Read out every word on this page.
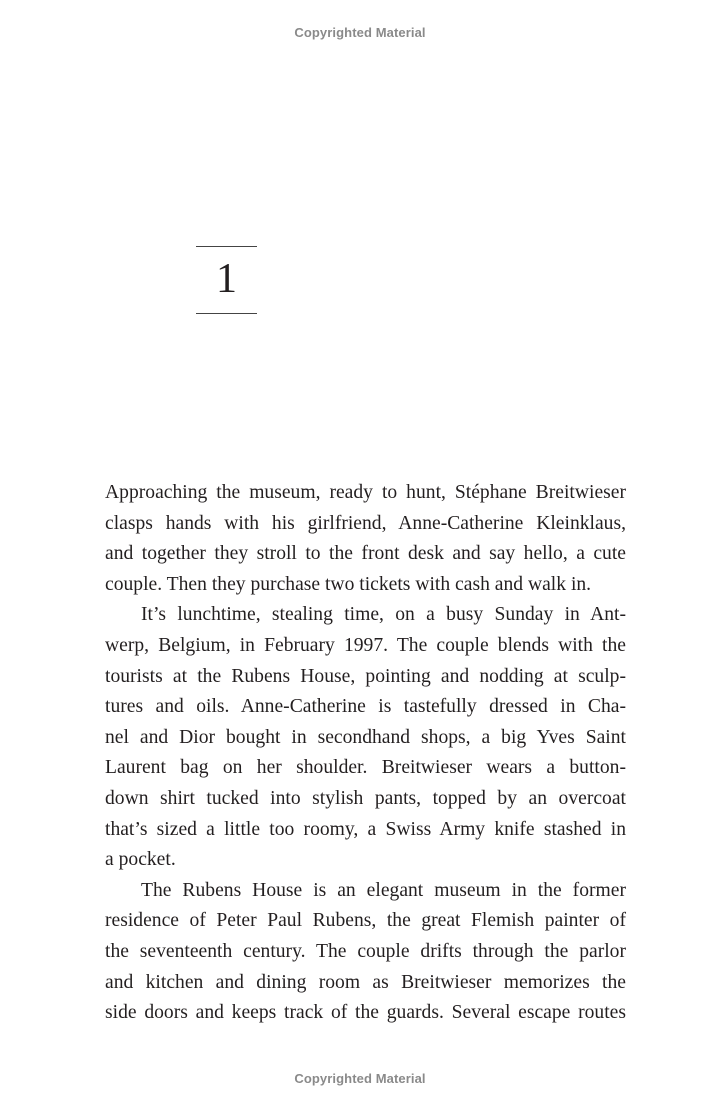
Copyrighted Material
1
Approaching the museum, ready to hunt, Stéphane Breitwieser
clasps hands with his girlfriend, Anne-Catherine Kleinklaus,
and together they stroll to the front desk and say hello, a cute
couple. Then they purchase two tickets with cash and walk in.
It’s lunchtime, stealing time, on a busy Sunday in Ant-
werp, Belgium, in February 1997. The couple blends with the
tourists at the Rubens House, pointing and nodding at sculp-
tures and oils. Anne-Catherine is tastefully dressed in Cha-
nel and Dior bought in secondhand shops, a big Yves Saint
Laurent bag on her shoulder. Breitwieser wears a button-
down shirt tucked into stylish pants, topped by an overcoat
that’s sized a little too roomy, a Swiss Army knife stashed in
a pocket.
The Rubens House is an elegant museum in the former
residence of Peter Paul Rubens, the great Flemish painter of
the seventeenth century. The couple drifts through the parlor
and kitchen and dining room as Breitwieser memorizes the
side doors and keeps track of the guards. Several escape routes
Copyrighted Material
